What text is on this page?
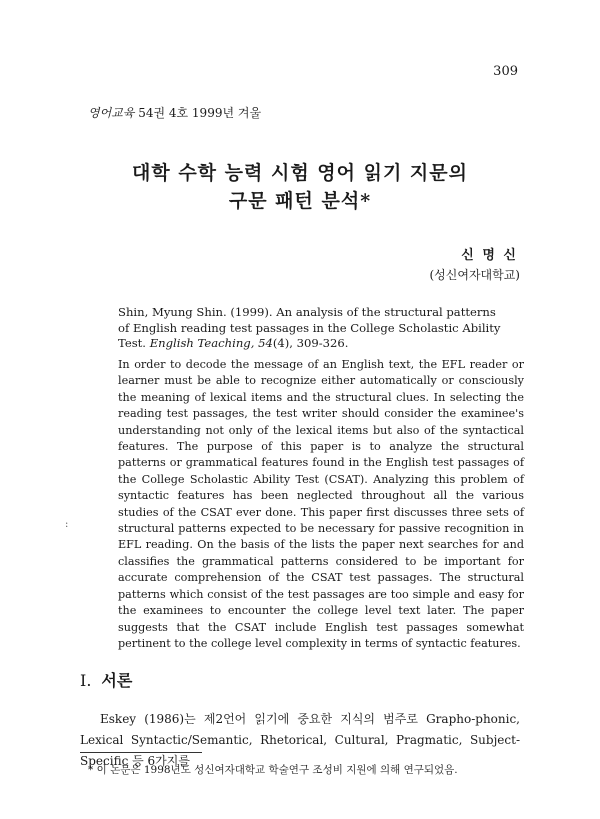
309
영어교육 54권 4호 1999년 겨울
대학 수학 능력 시험 영어 읽기 지문의
구문 패턴 분석*
신 명 신
(성신여자대학교)
Shin, Myung Shin. (1999). An analysis of the structural patterns
of English reading test passages in the College Scholastic Ability
Test. English Teaching, 54(4), 309-326.
In order to decode the message of an English text, the EFL reader or learner must be able to recognize either automatically or consciously the meaning of lexical items and the structural clues. In selecting the reading test passages, the test writer should consider the examinee's understanding not only of the lexical items but also of the syntactical features. The purpose of this paper is to analyze the structural patterns or grammatical features found in the English test passages of the College Scholastic Ability Test (CSAT). Analyzing this problem of syntactic features has been neglected throughout all the various studies of the CSAT ever done. This paper first discusses three sets of structural patterns expected to be necessary for passive recognition in EFL reading. On the basis of the lists the paper next searches for and classifies the grammatical patterns considered to be important for accurate comprehension of the CSAT test passages. The structural patterns which consist of the test passages are too simple and easy for the examinees to encounter the college level text later. The paper suggests that the CSAT include English test passages somewhat pertinent to the college level complexity in terms of syntactic features.
:
I. 서론
Eskey (1986)는 제2언어 읽기에 중요한 지식의 범주로 Grapho-phonic, Lexical Syntactic/Semantic, Rhetorical, Cultural, Pragmatic, Subject-Specific 등 6가지를
* 이 논문은 1998년도 성신여자대학교 학술연구 조성비 지원에 의해 연구되었음.
